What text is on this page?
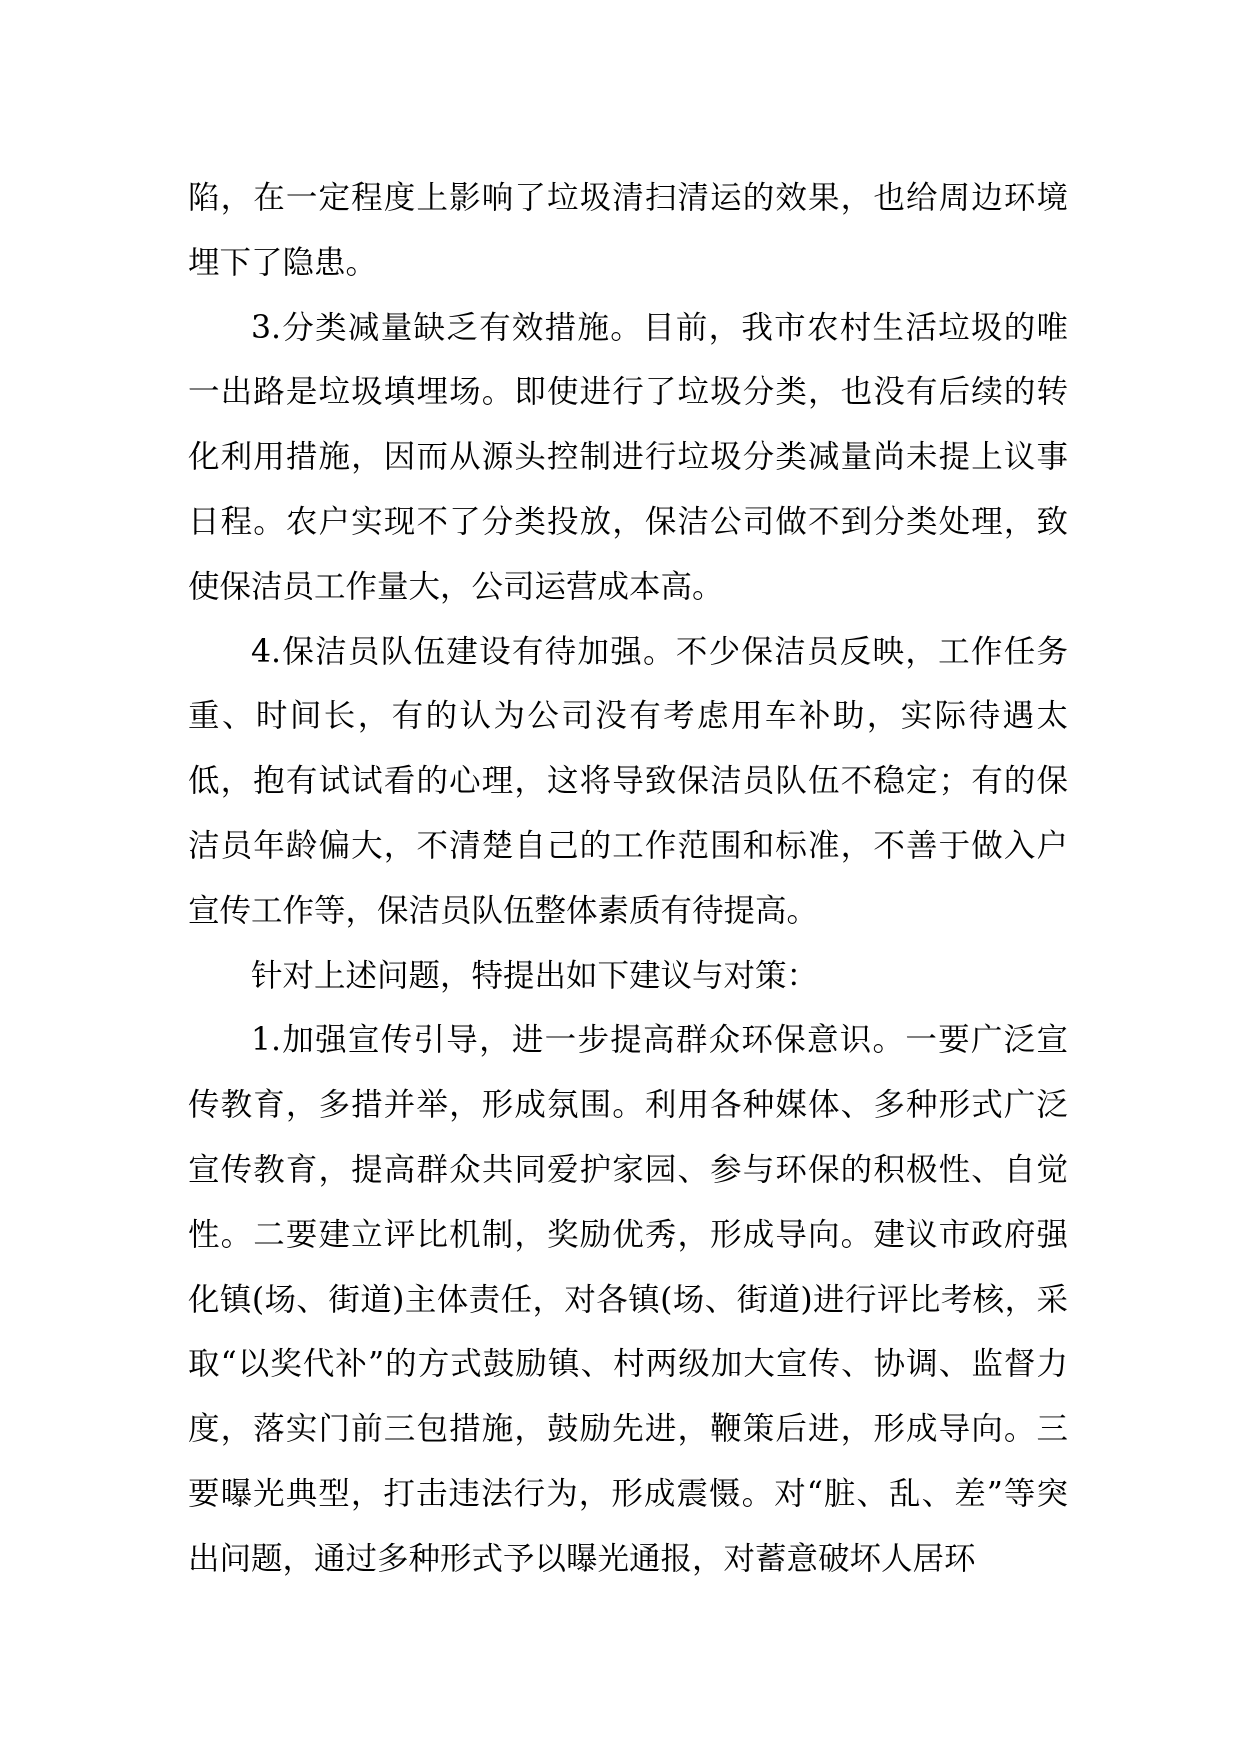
陷，在一定程度上影响了垃圾清扫清运的效果，也给周边环境埋下了隐患。

3.分类减量缺乏有效措施。目前，我市农村生活垃圾的唯一出路是垃圾填埋场。即使进行了垃圾分类，也没有后续的转化利用措施，因而从源头控制进行垃圾分类减量尚未提上议事日程。农户实现不了分类投放，保洁公司做不到分类处理，致使保洁员工作量大，公司运营成本高。

4.保洁员队伍建设有待加强。不少保洁员反映，工作任务重、时间长，有的认为公司没有考虑用车补助，实际待遇太低，抱有试试看的心理，这将导致保洁员队伍不稳定；有的保洁员年龄偏大，不清楚自己的工作范围和标准，不善于做入户宣传工作等，保洁员队伍整体素质有待提高。

针对上述问题，特提出如下建议与对策：

1.加强宣传引导，进一步提高群众环保意识。一要广泛宣传教育，多措并举，形成氛围。利用各种媒体、多种形式广泛宣传教育，提高群众共同爱护家园、参与环保的积极性、自觉性。二要建立评比机制，奖励优秀，形成导向。建议市政府强化镇(场、街道)主体责任，对各镇(场、街道)进行评比考核，采取“以奖代补”的方式鼓励镇、村两级加大宣传、协调、监督力度，落实门前三包措施，鼓励先进，鞭策后进，形成导向。三要曝光典型，打击违法行为，形成震慑。对“脏、乱、差”等突出问题，通过多种形式予以曝光通报，对蓄意破坏人居环
